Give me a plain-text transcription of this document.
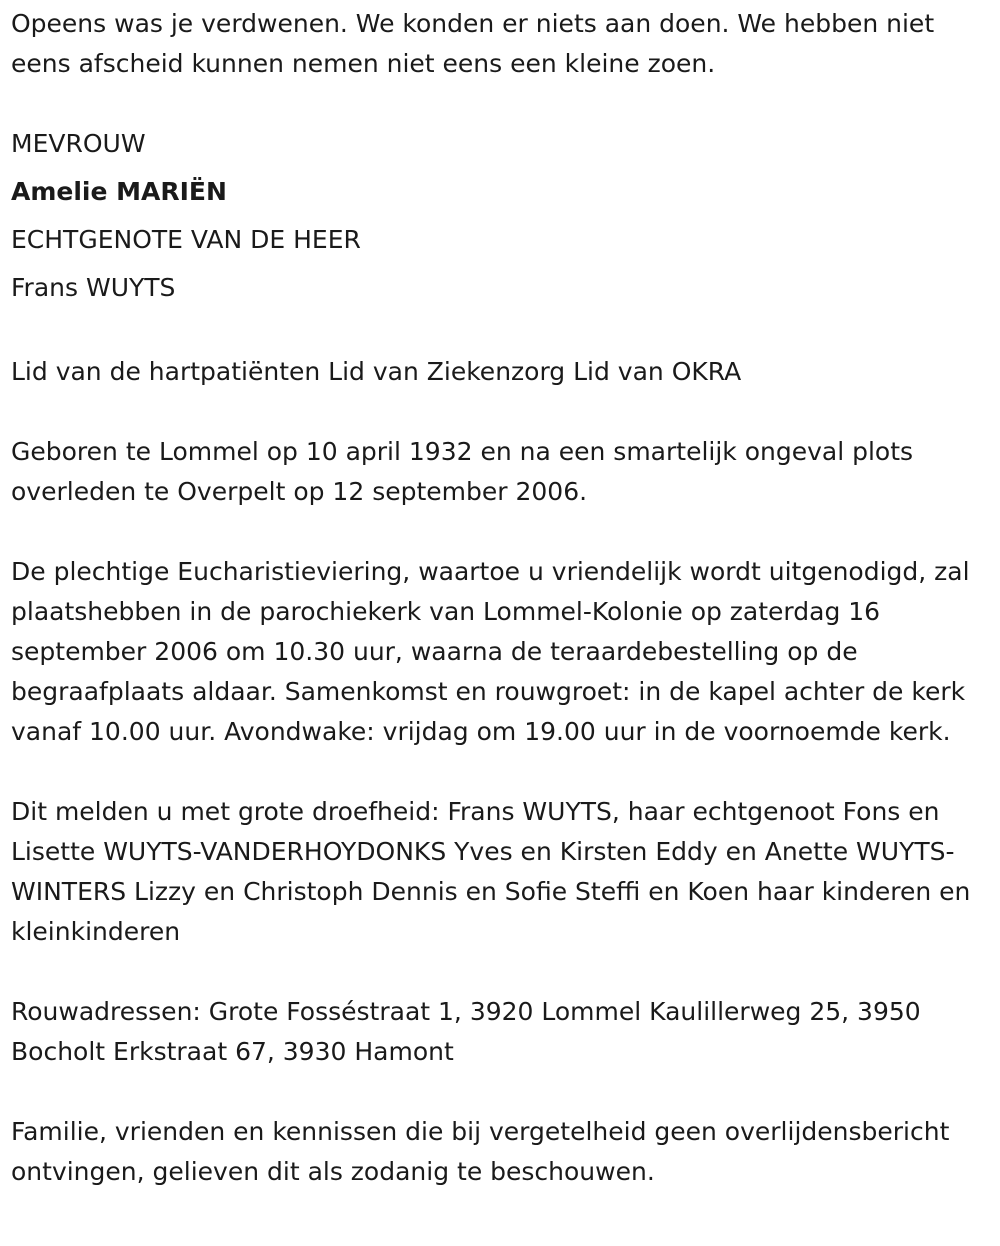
Opeens was je verdwenen. We konden er niets aan doen. We hebben niet eens afscheid kunnen nemen niet eens een kleine zoen.

MEVROUW

Amelie MARIËN

ECHTGENOTE VAN DE HEER

Frans WUYTS

Lid van de hartpatiënten Lid van Ziekenzorg Lid van OKRA

Geboren te Lommel op 10 april 1932 en na een smartelijk ongeval plots overleden te Overpelt op 12 september 2006.

De plechtige Eucharistieviering, waartoe u vriendelijk wordt uitgenodigd, zal plaatshebben in de parochiekerk van Lommel-Kolonie op zaterdag 16 september 2006 om 10.30 uur, waarna de teraardebestelling op de begraafplaats aldaar. Samenkomst en rouwgroet: in de kapel achter de kerk vanaf 10.00 uur. Avondwake: vrijdag om 19.00 uur in de voornoemde kerk.

Dit melden u met grote droefheid: Frans WUYTS, haar echtgenoot Fons en Lisette WUYTS-VANDERHOYDONKS Yves en Kirsten Eddy en Anette WUYTS-WINTERS Lizzy en Christoph Dennis en Sofie Steffi en Koen haar kinderen en kleinkinderen

Rouwadressen: Grote Fosséstraat 1, 3920 Lommel Kaulillerweg 25, 3950 Bocholt Erkstraat 67, 3930 Hamont

Familie, vrienden en kennissen die bij vergetelheid geen overlijdensbericht ontvingen, gelieven dit als zodanig te beschouwen.
